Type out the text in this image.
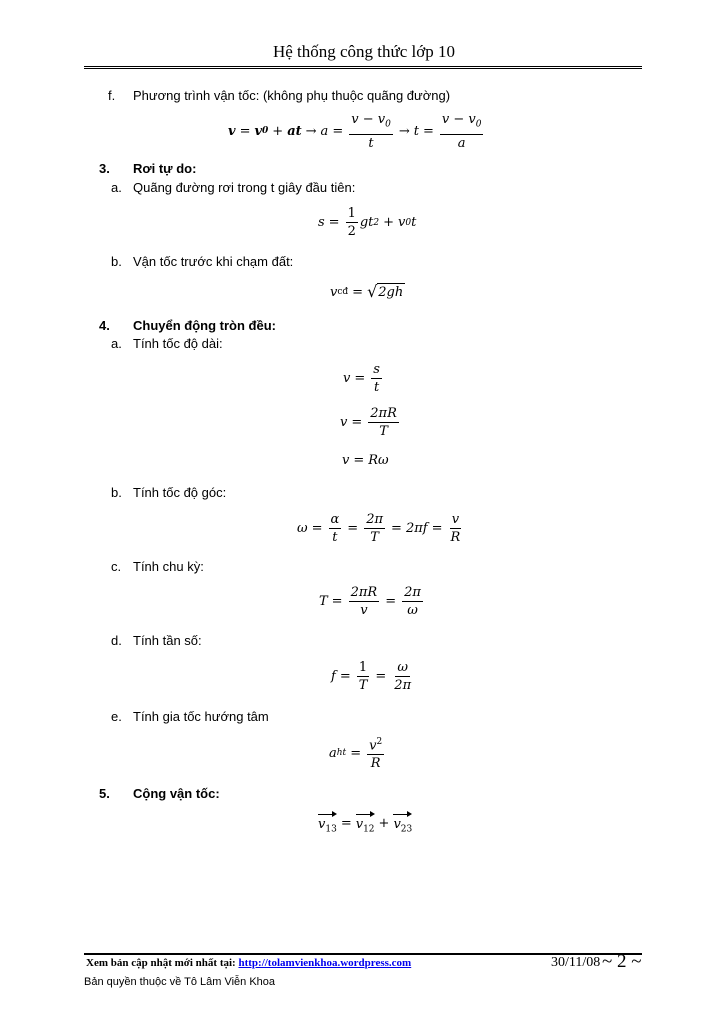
Hệ thống công thức lớp 10
f. Phương trình vận tốc: (không phụ thuộc quãng đường)
v = v 0 + at → $a = \frac{v - v_0}{t} \to t = \frac{v - v_0}{a}$
3. Rơi tự do:
a. Quãng đường rơi trong t giây đầu tiên:
$s = \frac{1}{2}$ gt 2 + v 0 t
b. Vận tốc trước khi chạm đất:
v cđ = √ 2gh
4. Chuyển động tròn đều:
a. Tính tốc độ dài:
$v = \frac{s}{t}$
$v = \frac{2\pi R}{T}$
v = Rω
b. Tính tốc độ góc:
$\omega = \frac{\alpha}{t} = \frac{2\pi}{T} = 2\pi f = \frac{v}{R}$
c. Tính chu kỳ:
$T = \frac{2\pi R}{v} = \frac{2\pi}{\omega}$
d. Tính tần số:
$f = \frac{1}{T} = \frac{\omega}{2\pi}$
e. Tính gia tốc hướng tâm
a ht = $\frac{v^2}{R}$
5. Cộng vận tốc:
$v_{13} = v_{12} + v_{23}$
Xem bản cập nhật mới nhất tại: http://tolamvienkhoa.wordpress.com	30/11/08 ~ 2 ~
Bản quyền thuộc về Tô Lâm Viễn Khoa
